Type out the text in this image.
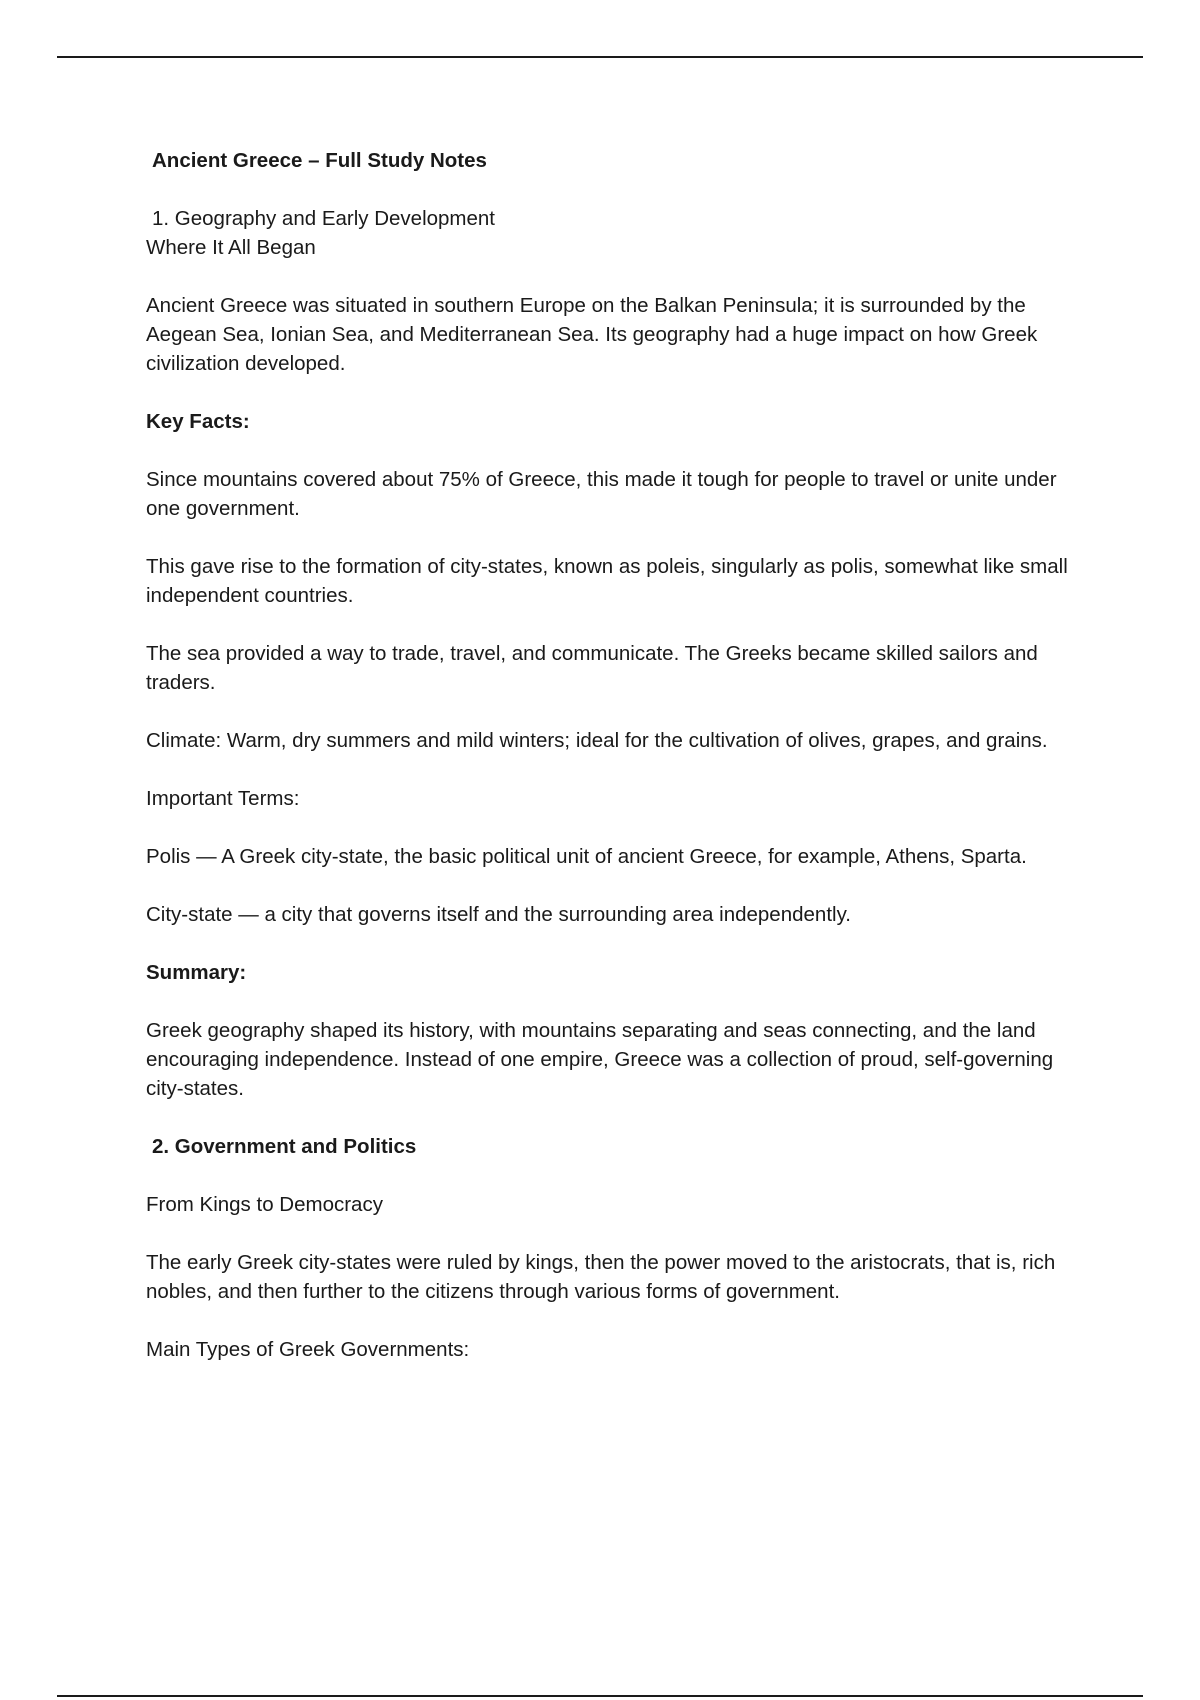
Ancient Greece – Full Study Notes

1. Geography and Early Development

Where It All Began

Ancient Greece was situated in southern Europe on the Balkan Peninsula; it is surrounded by the Aegean Sea, Ionian Sea, and Mediterranean Sea. Its geography had a huge impact on how Greek civilization developed.

Key Facts:

Since mountains covered about 75% of Greece, this made it tough for people to travel or unite under one government.

This gave rise to the formation of city-states, known as poleis, singularly as polis, somewhat like small independent countries.

The sea provided a way to trade, travel, and communicate. The Greeks became skilled sailors and traders.

Climate: Warm, dry summers and mild winters; ideal for the cultivation of olives, grapes, and grains.

Important Terms:

Polis — A Greek city-state, the basic political unit of ancient Greece, for example, Athens, Sparta.

City-state — a city that governs itself and the surrounding area independently.

Summary:

Greek geography shaped its history, with mountains separating and seas connecting, and the land encouraging independence. Instead of one empire, Greece was a collection of proud, self-governing city-states.

2. Government and Politics

From Kings to Democracy

The early Greek city-states were ruled by kings, then the power moved to the aristocrats, that is, rich nobles, and then further to the citizens through various forms of government.

Main Types of Greek Governments:
